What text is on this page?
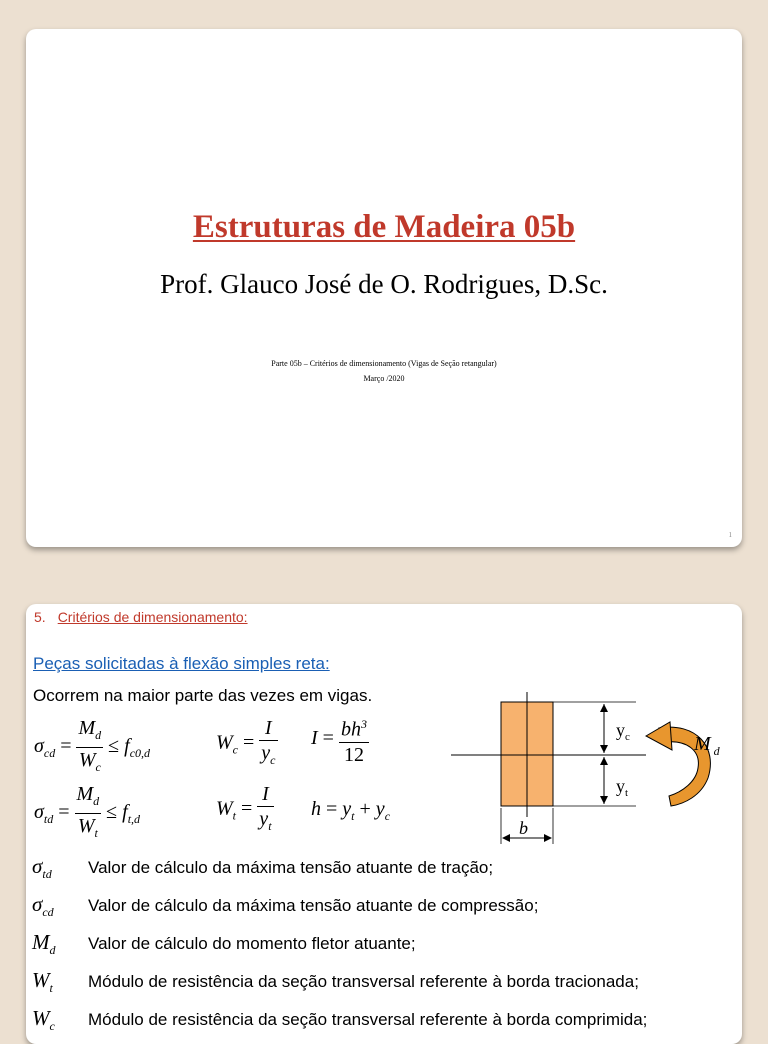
Estruturas de Madeira 05b
Prof. Glauco José de O. Rodrigues, D.Sc.
Parte 05b – Critérios de dimensionamento (Vigas de Seção retangular)
Março /2020
1
5. Critérios de dimensionamento:
Peças solicitadas à flexão simples reta:
Ocorrem na maior parte das vezes em vigas.
$\sigma_{cd} = \frac{M_d}{W_c} \le f_{c0,d}$	$W_c = \frac{I}{y_c}$ $I = \frac{bh^3}{12}$
$\sigma_{td} = \frac{M_d}{W_t} \le f_{t,d}$	$W_t = \frac{I}{y_t}$ $h = y_t + y_c$
$y_c$
$y_t$
b
M $_d$
$\sigma_{td}$ Valor de cálculo da máxima tensão atuante de tração;
$\sigma_{cd}$ Valor de cálculo da máxima tensão atuante de compressão;
$M_d$ Valor de cálculo do momento fletor atuante;
$W_t$ Módulo de resistência da seção transversal referente à borda tracionada;
$W_c$ Módulo de resistência da seção transversal referente à borda comprimida;
